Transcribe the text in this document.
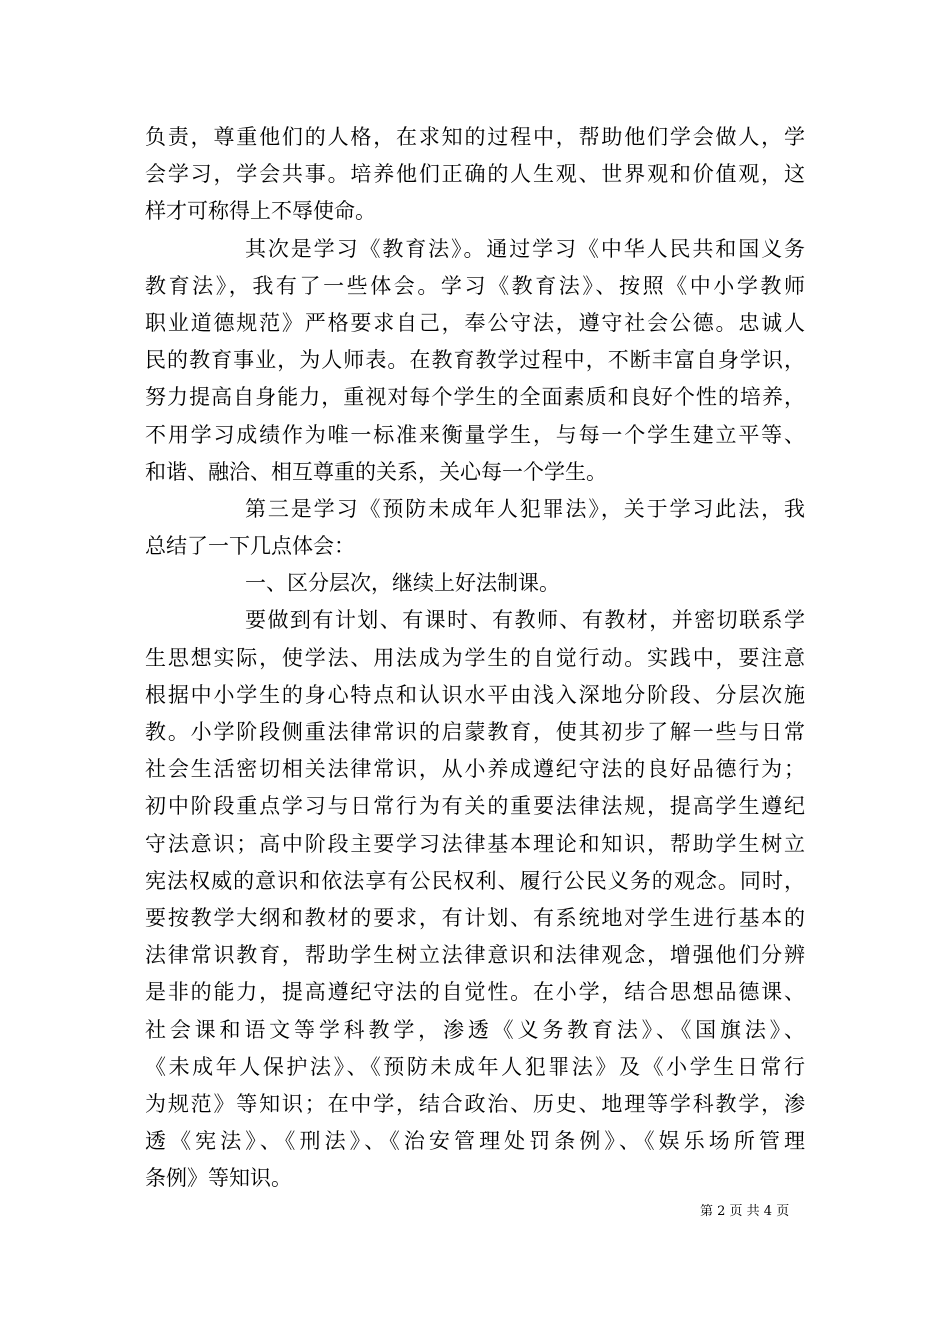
负责，尊重他们的人格，在求知的过程中，帮助他们学会做人，学
会学习，学会共事。培养他们正确的人生观、世界观和价值观，这
样才可称得上不辱使命。
其次是学习《教育法》。通过学习《中华人民共和国义务
教育法》，我有了一些体会。学习《教育法》、按照《中小学教师
职业道德规范》严格要求自己，奉公守法，遵守社会公德。忠诚人
民的教育事业，为人师表。在教育教学过程中，不断丰富自身学识，
努力提高自身能力，重视对每个学生的全面素质和良好个性的培养，
不用学习成绩作为唯一标准来衡量学生，与每一个学生建立平等、
和谐、融洽、相互尊重的关系，关心每一个学生。
第三是学习《预防未成年人犯罪法》，关于学习此法，我
总结了一下几点体会：
一、区分层次，继续上好法制课。
要做到有计划、有课时、有教师、有教材，并密切联系学
生思想实际，使学法、用法成为学生的自觉行动。实践中，要注意
根据中小学生的身心特点和认识水平由浅入深地分阶段、分层次施
教。小学阶段侧重法律常识的启蒙教育，使其初步了解一些与日常
社会生活密切相关法律常识，从小养成遵纪守法的良好品德行为；
初中阶段重点学习与日常行为有关的重要法律法规，提高学生遵纪
守法意识；高中阶段主要学习法律基本理论和知识，帮助学生树立
宪法权威的意识和依法享有公民权利、履行公民义务的观念。同时，
要按教学大纲和教材的要求，有计划、有系统地对学生进行基本的
法律常识教育，帮助学生树立法律意识和法律观念，增强他们分辨
是非的能力，提高遵纪守法的自觉性。在小学，结合思想品德课、
社会课和语文等学科教学，渗透《义务教育法》、《国旗法》、
《未成年人保护法》、《预防未成年人犯罪法》及《小学生日常行
为规范》等知识；在中学，结合政治、历史、地理等学科教学，渗
透《宪法》、《刑法》、《治安管理处罚条例》、《娱乐场所管理
条例》等知识。
第 2 页 共 4 页
